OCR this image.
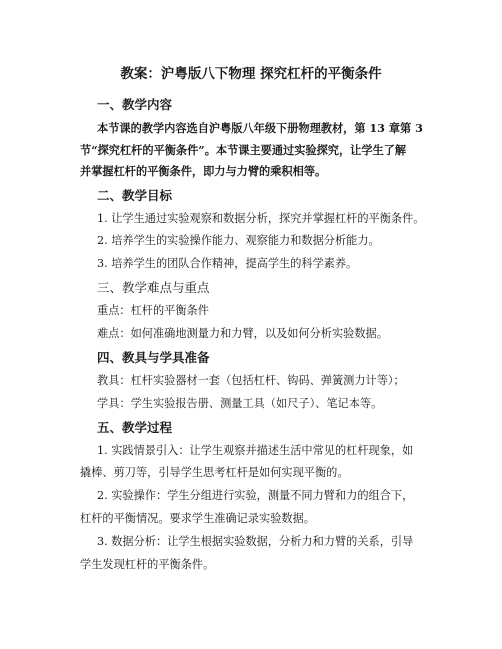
教案：沪粤版八下物理 探究杠杆的平衡条件
一、教学内容
本节课的教学内容选自沪粤版八年级下册物理教材，第 13 章第 3
节“探究杠杆的平衡条件”。本节课主要通过实验探究，让学生了解
并掌握杠杆的平衡条件，即力与力臂的乘积相等。
二、教学目标
1. 让学生通过实验观察和数据分析，探究并掌握杠杆的平衡条件。
2. 培养学生的实验操作能力、观察能力和数据分析能力。
3. 培养学生的团队合作精神，提高学生的科学素养。
三、教学难点与重点
重点：杠杆的平衡条件
难点：如何准确地测量力和力臂，以及如何分析实验数据。
四、教具与学具准备
教具：杠杆实验器材一套（包括杠杆、钩码、弹簧测力计等）；
学具：学生实验报告册、测量工具（如尺子）、笔记本等。
五、教学过程
1. 实践情景引入：让学生观察并描述生活中常见的杠杆现象，如
撬棒、剪刀等，引导学生思考杠杆是如何实现平衡的。
2. 实验操作：学生分组进行实验，测量不同力臂和力的组合下，
杠杆的平衡情况。要求学生准确记录实验数据。
3. 数据分析：让学生根据实验数据，分析力和力臂的关系，引导
学生发现杠杆的平衡条件。
